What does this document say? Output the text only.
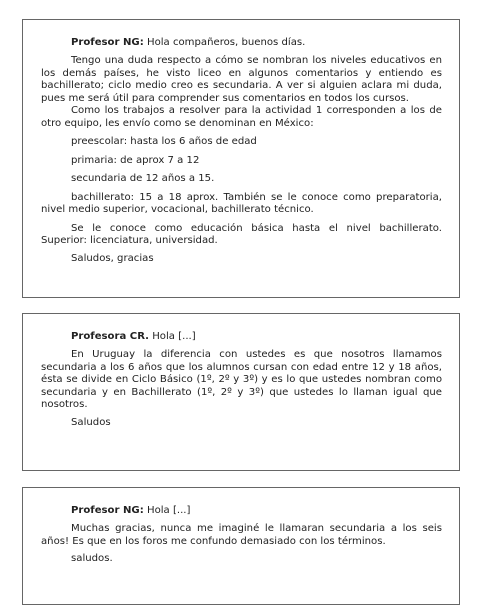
Profesor NG: Hola compañeros, buenos días.

Tengo una duda respecto a cómo se nombran los niveles educativos en los demás países, he visto liceo en algunos comentarios y entiendo es bachillerato; ciclo medio creo es secundaria. A ver si alguien aclara mi duda, pues me será útil para comprender sus comentarios en todos los cursos.

Como los trabajos a resolver para la actividad 1 corresponden a los de otro equipo, les envío como se denominan en México:

preescolar: hasta los 6 años de edad

primaria: de aprox 7 a 12

secundaria de 12 años a 15.

bachillerato: 15 a 18 aprox. También se le conoce como preparatoria, nivel medio superior, vocacional, bachillerato técnico.

Se le conoce como educación básica hasta el nivel bachillerato. Superior: licenciatura, universidad.

Saludos, gracias

Profesora CR. Hola [...]

En Uruguay la diferencia con ustedes es que nosotros llamamos secundaria a los 6 años que los alumnos cursan con edad entre 12 y 18 años, ésta se divide en Ciclo Básico (1º, 2º y 3º) y es lo que ustedes nombran como secundaria y en Bachillerato (1º, 2º y 3º) que ustedes lo llaman igual que nosotros.

Saludos

Profesor NG: Hola [...]

Muchas gracias, nunca me imaginé le llamaran secundaria a los seis años! Es que en los foros me confundo demasiado con los términos.

saludos.
